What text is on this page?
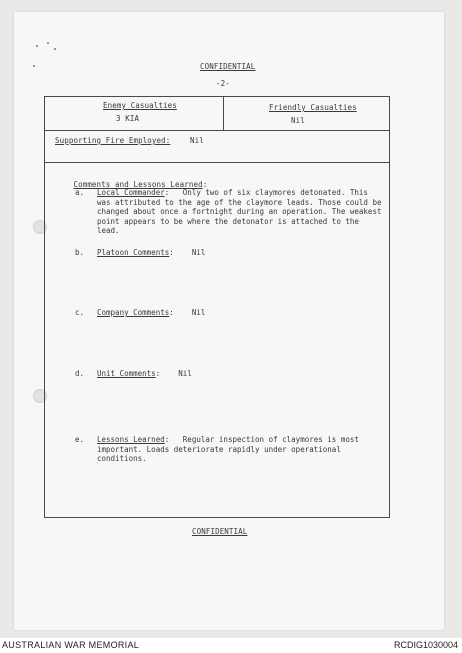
CONFIDENTIAL
-2-
Enemy Casualties
3 KIA
Friendly Casualties
Nil
Supporting Fire Employed:	Nil

Comments and Lessons Learned:

a. Local Commander: Only two of six claymores detonated. This was attributed to the age of the claymore leads. Those could be changed about once a fortnight during an operation. The weakest point appears to be where the detonator is attached to the lead.
b. Platoon Comments: Nil
c. Company Comments: Nil
d. Unit Comments: Nil
e. Lessons Learned: Regular inspection of claymores is most important. Loads deteriorate rapidly under operational conditions.
CONFIDENTIAL
AUSTRALIAN WAR MEMORIAL	RCDIG1030004
